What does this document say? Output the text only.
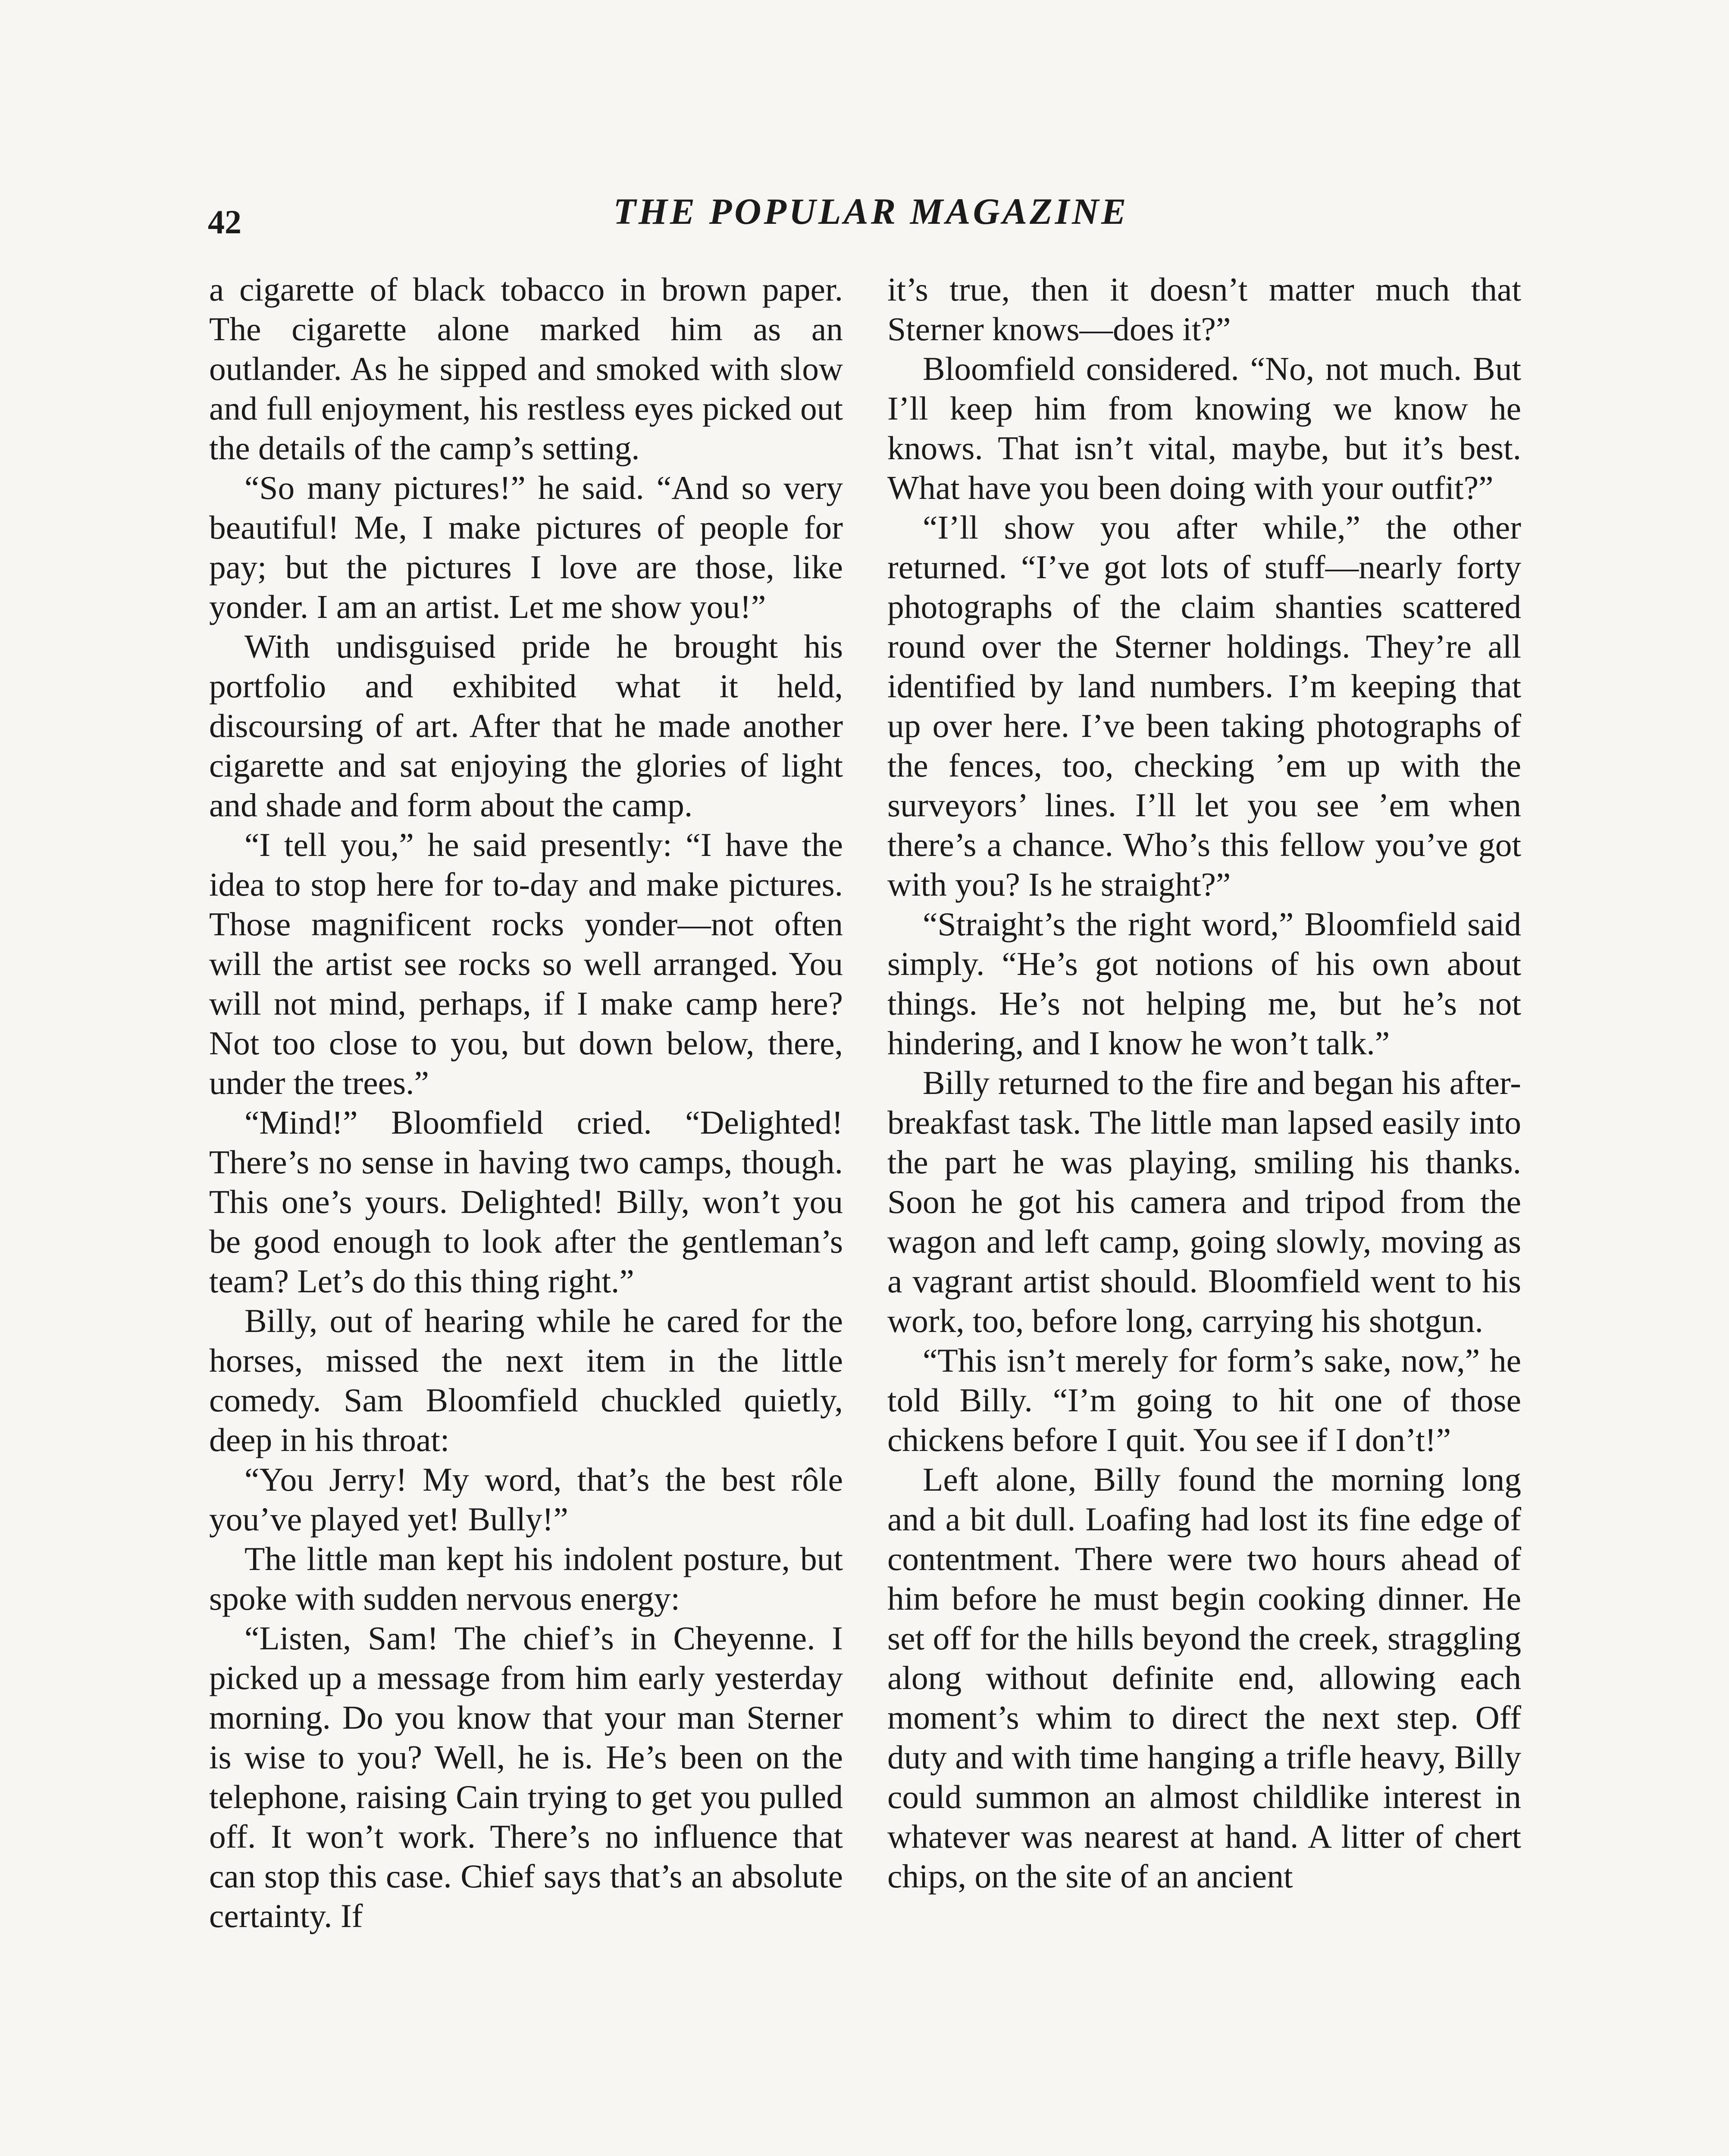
42	THE POPULAR MAGAZINE

a cigarette of black tobacco in brown paper. The cigarette alone marked him as an outlander. As he sipped and smoked with slow and full enjoyment, his restless eyes picked out the details of the camp’s setting.

“So many pictures!” he said. “And so very beautiful! Me, I make pictures of people for pay; but the pictures I love are those, like yonder. I am an artist. Let me show you!”

With undisguised pride he brought his portfolio and exhibited what it held, discoursing of art. After that he made another cigarette and sat enjoying the glories of light and shade and form about the camp.

“I tell you,” he said presently: “I have the idea to stop here for to-day and make pictures. Those magnificent rocks yonder—not often will the artist see rocks so well arranged. You will not mind, perhaps, if I make camp here? Not too close to you, but down below, there, under the trees.”

“Mind!” Bloomfield cried. “Delighted! There’s no sense in having two camps, though. This one’s yours. Delighted! Billy, won’t you be good enough to look after the gentleman’s team? Let’s do this thing right.”

Billy, out of hearing while he cared for the horses, missed the next item in the little comedy. Sam Bloomfield chuckled quietly, deep in his throat:

“You Jerry! My word, that’s the best rôle you’ve played yet! Bully!”

The little man kept his indolent posture, but spoke with sudden nervous energy:

“Listen, Sam! The chief’s in Cheyenne. I picked up a message from him early yesterday morning. Do you know that your man Sterner is wise to you? Well, he is. He’s been on the telephone, raising Cain trying to get you pulled off. It won’t work. There’s no influence that can stop this case. Chief says that’s an absolute certainty. If

it’s true, then it doesn’t matter much that Sterner knows—does it?”

Bloomfield considered. “No, not much. But I’ll keep him from knowing we know he knows. That isn’t vital, maybe, but it’s best. What have you been doing with your outfit?”

“I’ll show you after while,” the other returned. “I’ve got lots of stuff—nearly forty photographs of the claim shanties scattered round over the Sterner holdings. They’re all identified by land numbers. I’m keeping that up over here. I’ve been taking photographs of the fences, too, checking ’em up with the surveyors’ lines. I’ll let you see ’em when there’s a chance. Who’s this fellow you’ve got with you? Is he straight?”

“Straight’s the right word,” Bloomfield said simply. “He’s got notions of his own about things. He’s not helping me, but he’s not hindering, and I know he won’t talk.”

Billy returned to the fire and began his after-breakfast task. The little man lapsed easily into the part he was playing, smiling his thanks. Soon he got his camera and tripod from the wagon and left camp, going slowly, moving as a vagrant artist should. Bloomfield went to his work, too, before long, carrying his shotgun.

“This isn’t merely for form’s sake, now,” he told Billy. “I’m going to hit one of those chickens before I quit. You see if I don’t!”

Left alone, Billy found the morning long and a bit dull. Loafing had lost its fine edge of contentment. There were two hours ahead of him before he must begin cooking dinner. He set off for the hills beyond the creek, straggling along without definite end, allowing each moment’s whim to direct the next step. Off duty and with time hanging a trifle heavy, Billy could summon an almost childlike interest in whatever was nearest at hand. A litter of chert chips, on the site of an ancient
